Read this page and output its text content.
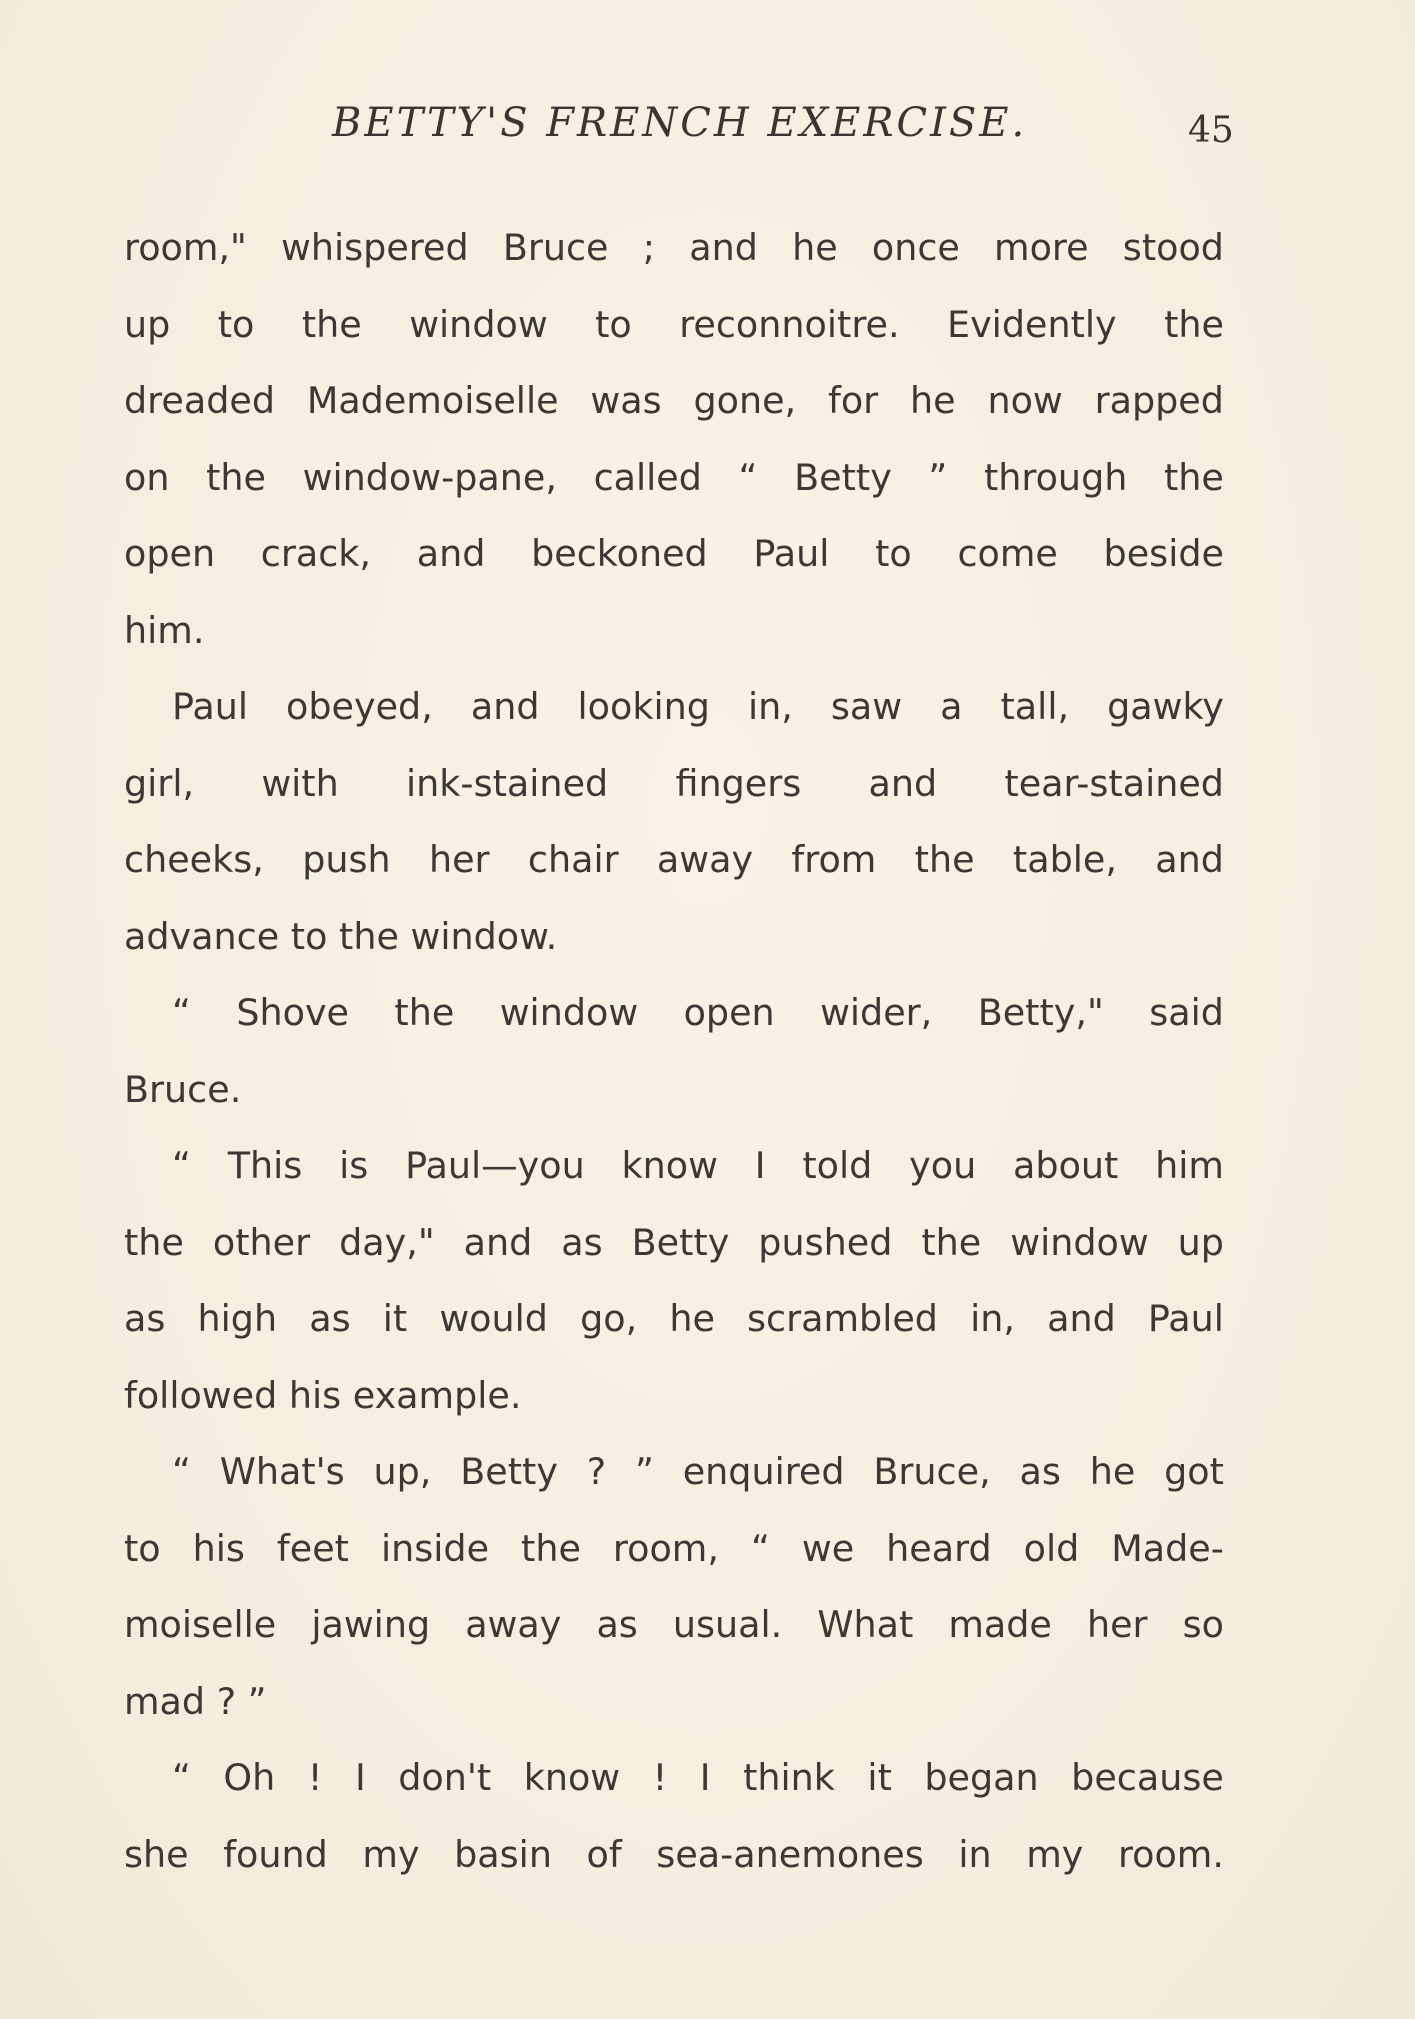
BETTY'S FRENCH EXERCISE.	45
room," whispered Bruce ; and he once more stood
up to the window to reconnoitre. Evidently the
dreaded Mademoiselle was gone, for he now rapped
on the window-pane, called “ Betty ” through the
open crack, and beckoned Paul to come beside
him.
Paul obeyed, and looking in, saw a tall, gawky
girl, with ink-stained fingers and tear-stained
cheeks, push her chair away from the table, and
advance to the window.
“ Shove the window open wider, Betty," said
Bruce.
“ This is Paul—you know I told you about him
the other day," and as Betty pushed the window up
as high as it would go, he scrambled in, and Paul
followed his example.
“ What's up, Betty ? ” enquired Bruce, as he got
to his feet inside the room, “ we heard old Made-
moiselle jawing away as usual. What made her so
mad ? ”
“ Oh ! I don't know ! I think it began because
she found my basin of sea-anemones in my room.
